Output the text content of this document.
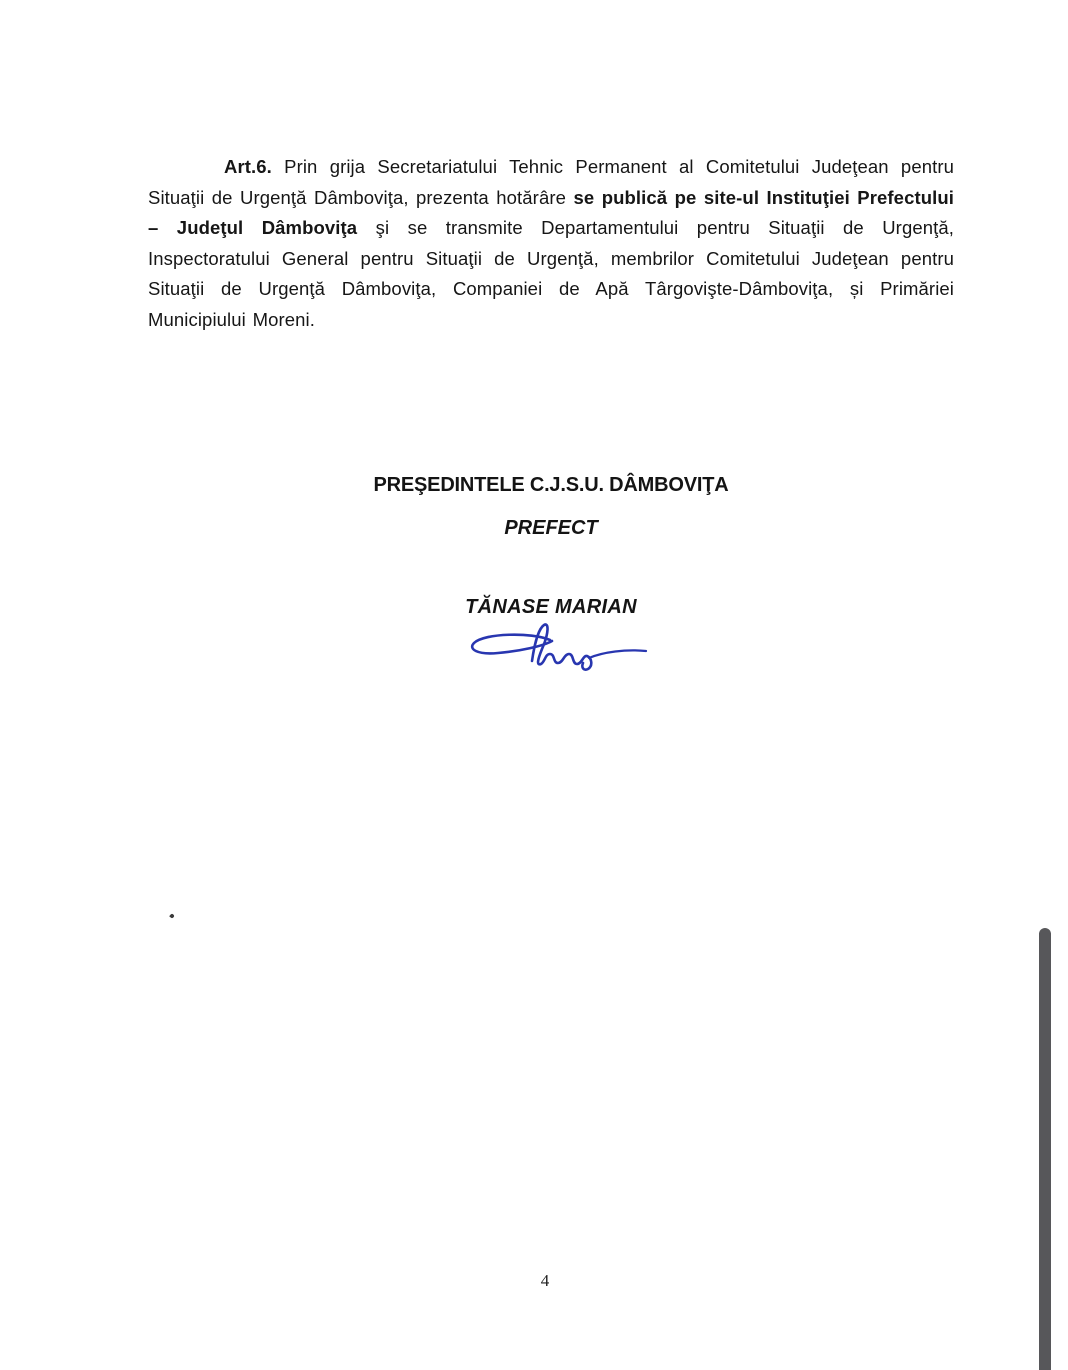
Art.6. Prin grija Secretariatului Tehnic Permanent al Comitetului Judeţean pentru Situaţii de Urgenţă Dâmboviţa, prezenta hotărâre se publică pe site-ul Instituţiei Prefectului – Judeţul Dâmboviţa şi se transmite Departamentului pentru Situaţii de Urgenţă, Inspectoratului General pentru Situaţii de Urgenţă, membrilor Comitetului Judeţean pentru Situaţii de Urgenţă Dâmboviţa, Companiei de Apă Târgovişte-Dâmboviţa, și Primăriei Municipiului Moreni.

PREŞEDINTELE C.J.S.U. DÂMBOVIŢA
PREFECT
TĂNASE MARIAN
4
